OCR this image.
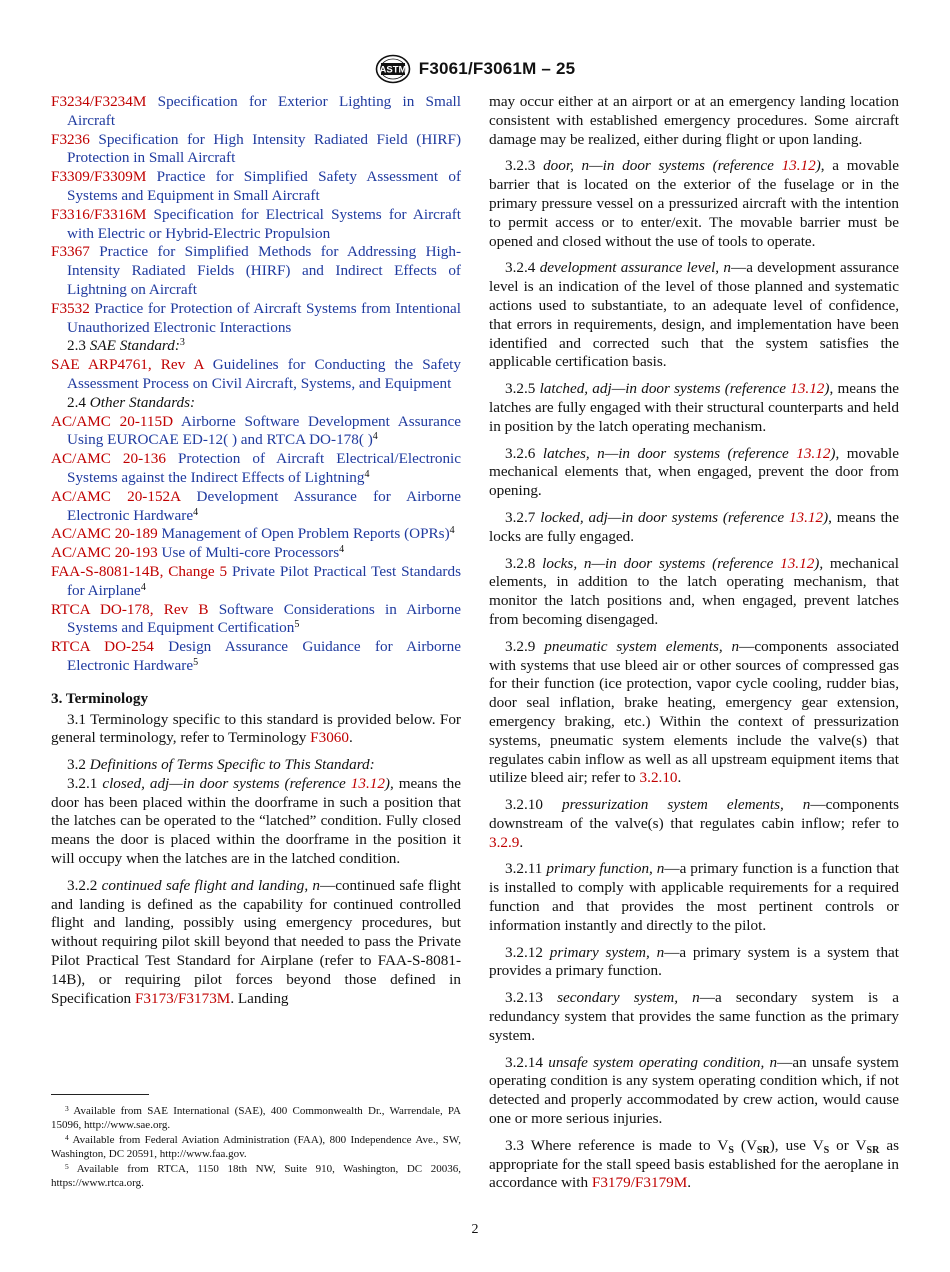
ASTM F3061/F3061M – 25
F3234/F3234M Specification for Exterior Lighting in Small Aircraft
F3236 Specification for High Intensity Radiated Field (HIRF) Protection in Small Aircraft
F3309/F3309M Practice for Simplified Safety Assessment of Systems and Equipment in Small Aircraft
F3316/F3316M Specification for Electrical Systems for Aircraft with Electric or Hybrid-Electric Propulsion
F3367 Practice for Simplified Methods for Addressing High-Intensity Radiated Fields (HIRF) and Indirect Effects of Lightning on Aircraft
F3532 Practice for Protection of Aircraft Systems from Intentional Unauthorized Electronic Interactions
2.3 SAE Standard:$^3$
SAE ARP4761, Rev A Guidelines for Conducting the Safety Assessment Process on Civil Aircraft, Systems, and Equipment
2.4 Other Standards:
AC/AMC 20-115D Airborne Software Development Assurance Using EUROCAE ED-12( ) and RTCA DO-178( )$^4$
AC/AMC 20-136 Protection of Aircraft Electrical/Electronic Systems against the Indirect Effects of Lightning$^4$
AC/AMC 20-152A Development Assurance for Airborne Electronic Hardware$^4$
AC/AMC 20-189 Management of Open Problem Reports (OPRs)$^4$
AC/AMC 20-193 Use of Multi-core Processors$^4$
FAA-S-8081-14B, Change 5 Private Pilot Practical Test Standards for Airplane$^4$
RTCA DO-178, Rev B Software Considerations in Airborne Systems and Equipment Certification$^5$
RTCA DO-254 Design Assurance Guidance for Airborne Electronic Hardware$^5$
3. Terminology
3.1 Terminology specific to this standard is provided below. For general terminology, refer to Terminology F3060.
3.2 Definitions of Terms Specific to This Standard:
3.2.1 closed, adj—in door systems (reference 13.12), means the door has been placed within the doorframe in such a position that the latches can be operated to the “latched” condition. Fully closed means the door is placed within the doorframe in the position it will occupy when the latches are in the latched condition.
3.2.2 continued safe flight and landing, n—continued safe flight and landing is defined as the capability for continued controlled flight and landing, possibly using emergency procedures, but without requiring pilot skill beyond that needed to pass the Private Pilot Practical Test Standard for Airplane (refer to FAA-S-8081-14B), or requiring pilot forces beyond those defined in Specification F3173/F3173M. Landing
may occur either at an airport or at an emergency landing location consistent with established emergency procedures. Some aircraft damage may be realized, either during flight or upon landing.
3.2.3 door, n—in door systems (reference 13.12), a movable barrier that is located on the exterior of the fuselage or in the primary pressure vessel on a pressurized aircraft with the intention to permit access or to enter/exit. The movable barrier must be opened and closed without the use of tools to operate.
3.2.4 development assurance level, n—a development assurance level is an indication of the level of those planned and systematic actions used to substantiate, to an adequate level of confidence, that errors in requirements, design, and implementation have been identified and corrected such that the system satisfies the applicable certification basis.
3.2.5 latched, adj—in door systems (reference 13.12), means the latches are fully engaged with their structural counterparts and held in position by the latch operating mechanism.
3.2.6 latches, n—in door systems (reference 13.12), movable mechanical elements that, when engaged, prevent the door from opening.
3.2.7 locked, adj—in door systems (reference 13.12), means the locks are fully engaged.
3.2.8 locks, n—in door systems (reference 13.12), mechanical elements, in addition to the latch operating mechanism, that monitor the latch positions and, when engaged, prevent latches from becoming disengaged.
3.2.9 pneumatic system elements, n—components associated with systems that use bleed air or other sources of compressed gas for their function (ice protection, vapor cycle cooling, rudder bias, door seal inflation, brake heating, emergency gear extension, emergency braking, etc.) Within the context of pressurization systems, pneumatic system elements include the valve(s) that regulates cabin inflow as well as all upstream equipment items that utilize bleed air; refer to 3.2.10.
3.2.10 pressurization system elements, n—components downstream of the valve(s) that regulates cabin inflow; refer to 3.2.9.
3.2.11 primary function, n—a primary function is a function that is installed to comply with applicable requirements for a required function and that provides the most pertinent controls or information instantly and directly to the pilot.
3.2.12 primary system, n—a primary system is a system that provides a primary function.
3.2.13 secondary system, n—a secondary system is a redundancy system that provides the same function as the primary system.
3.2.14 unsafe system operating condition, n—an unsafe system operating condition is any system operating condition which, if not detected and properly accommodated by crew action, would cause one or more serious injuries.
3.3 Where reference is made to VS (VSR), use VS or VSR as appropriate for the stall speed basis established for the aeroplane in accordance with F3179/F3179M.
$^3$ Available from SAE International (SAE), 400 Commonwealth Dr., Warrendale, PA 15096, http://www.sae.org.
$^4$ Available from Federal Aviation Administration (FAA), 800 Independence Ave., SW, Washington, DC 20591, http://www.faa.gov.
$^5$ Available from RTCA, 1150 18th NW, Suite 910, Washington, DC 20036, https://www.rtca.org.
2
